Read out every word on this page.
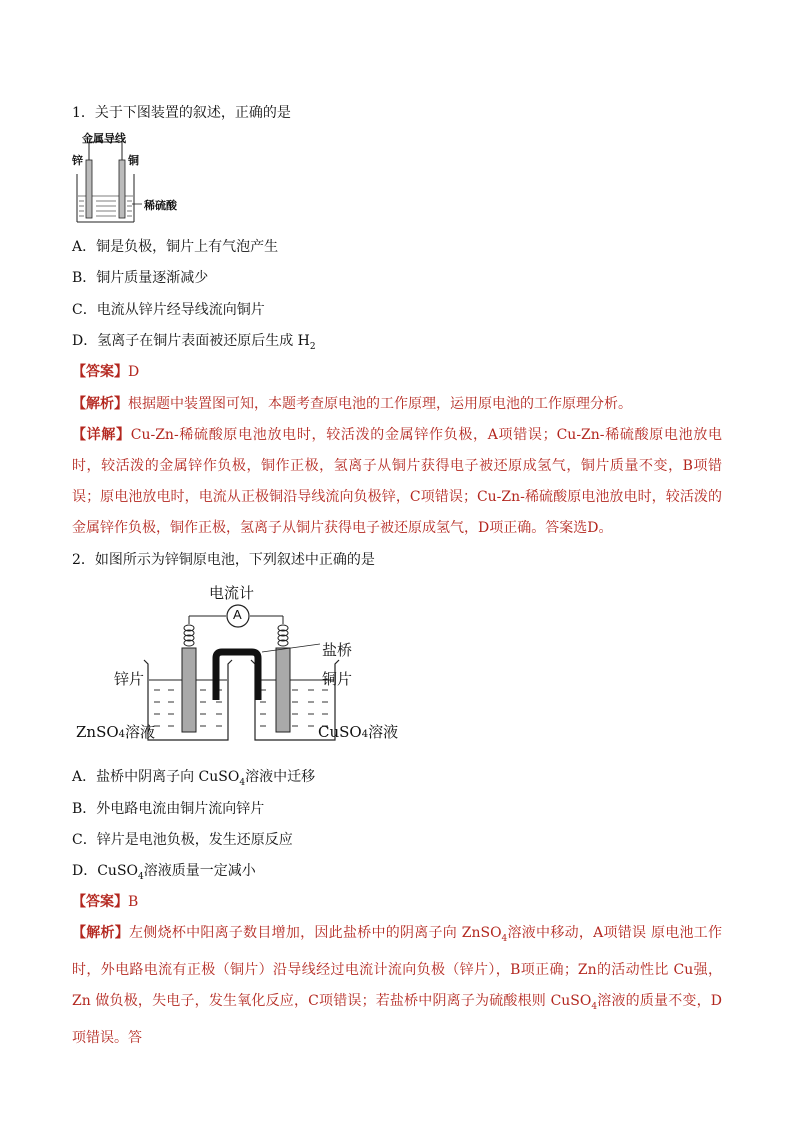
1．关于下图装置的叙述，正确的是
金属导线
锌	铜
稀硫酸
A．铜是负极，铜片上有气泡产生
B．铜片质量逐渐减少
C．电流从锌片经导线流向铜片
D．氢离子在铜片表面被还原后生成 $H_2$
【答案】D
【解析】根据题中装置图可知，本题考查原电池的工作原理，运用原电池的工作原理分析。
【详解】Cu-Zn-稀硫酸原电池放电时，较活泼的金属锌作负极，A项错误；Cu-Zn-稀硫酸原电池放电时，较活泼的金属锌作负极，铜作正极，氢离子从铜片获得电子被还原成氢气，铜片质量不变，B项错误；原电池放电时，电流从正极铜沿导线流向负极锌，C项错误；Cu-Zn-稀硫酸原电池放电时，较活泼的金属锌作负极，铜作正极，氢离子从铜片获得电子被还原成氢气，D项正确。答案选D。
2．如图所示为锌铜原电池，下列叙述中正确的是
电流计
A
盐桥
锌片	铜片
ZnSO4溶液	CuSO4溶液
A．盐桥中阴离子向 CuSO$_4$溶液中迁移
B．外电路电流由铜片流向锌片
C．锌片是电池负极，发生还原反应
D．CuSO$_4$溶液质量一定减小
【答案】B
【解析】左侧烧杯中阳离子数目增加，因此盐桥中的阴离子向 ZnSO$_4$溶液中移动，A项错误 原电池工作时，外电路电流有正极（铜片）沿导线经过电流计流向负极（锌片），B项正确；Zn的活动性比 Cu强，Zn 做负极，失电子，发生氧化反应，C项错误；若盐桥中阴离子为硫酸根则 CuSO$_4$溶液的质量不变，D项错误。答
